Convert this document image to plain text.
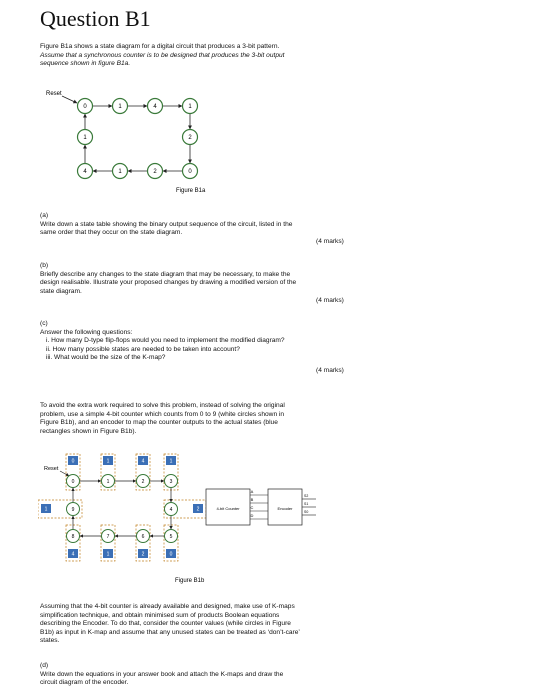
Question B1
Figure B1a shows a state diagram for a digital circuit that produces a 3-bit pattern.
Assume that a synchronous counter is to be designed that produces the 3-bit output
sequence shown in figure B1a.
Reset
0	1	4	1
1	2
4	1	2	0
Figure B1a
(a)
Write down a state table showing the binary output sequence of the circuit, listed in the
same order that they occur on the state diagram.
(4 marks)
(b)
Briefly describe any changes to the state diagram that may be necessary, to make the
design realisable. Illustrate your proposed changes by drawing a modified version of the
state diagram.
(4 marks)
(c)
Answer the following questions:
i. How many D-type flip-flops would you need to implement the modified diagram?
ii. How many possible states are needed to be taken into account?
iii. What would be the size of the K-map?
(4 marks)
To avoid the extra work required to solve this problem, instead of solving the original
problem, use a simple 4-bit counter which counts from 0 to 9 (white circles shown in
Figure B1b), and an encoder to map the counter outputs to the actual states (blue
rectangles shown in Figure B1b).
Reset
0	1	4	1
1	2
4	1	2	0
0	1	2	3
9	4
8	7	6	5
4-bit Counter
A
B
C
D
Encoder
S2
S1
S0
Figure B1b
Assuming that the 4-bit counter is already available and designed, make use of K-maps
simplification technique, and obtain minimised sum of products Boolean equations
describing the Encoder. To do that, consider the counter values (while circles in Figure
B1b) as input in K-map and assume that any unused states can be treated as ‘don’t-care’
states.
(d)
Write down the equations in your answer book and attach the K-maps and draw the
circuit diagram of the encoder.
